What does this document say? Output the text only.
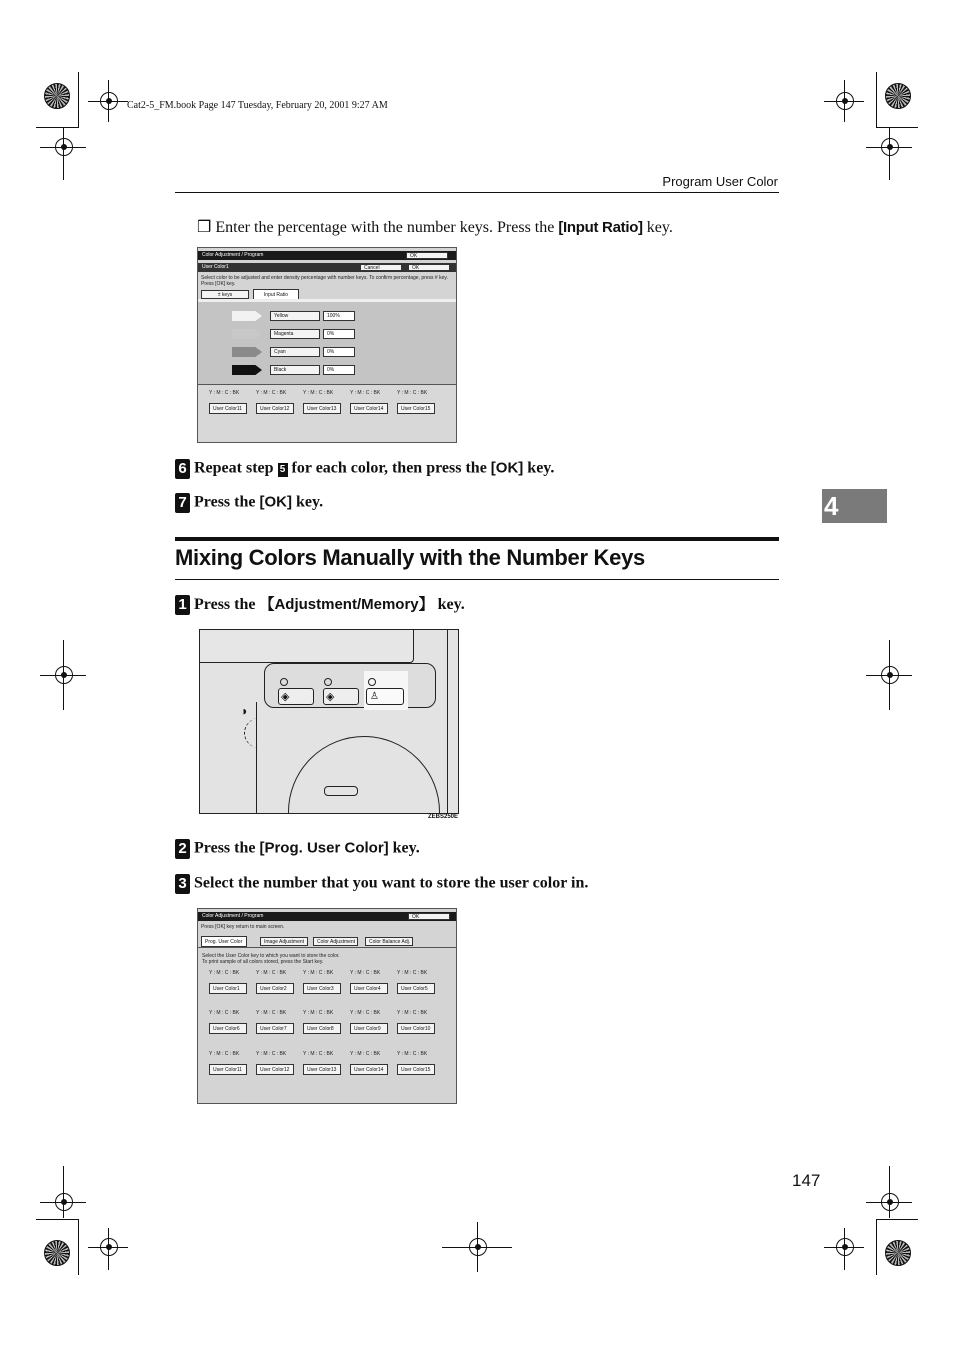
Cat2-5_FM.book Page 147 Tuesday, February 20, 2001 9:27 AM
Program User Color
4
❒ Enter the percentage with the number keys. Press the [Input Ratio] key.
Color Adjustment / Program	OK
User Color1	Cancel	OK
Select color to be adjusted and enter density percentage with number keys. To confirm percentage, press # key.
Press [OK] key.
± keys	Input Ratio
Yellow	100%
Magenta	0%
Cyan	0%
Black	0%
Y : M : C : BK
User Color11
Y : M : C : BK
User Color12
Y : M : C : BK
User Color13
Y : M : C : BK
User Color14
Y : M : C : BK
User Color15
6 Repeat step 5 for each color, then press the [OK] key.
7 Press the [OK] key.
Mixing Colors Manually with the Number Keys
1 Press the 【Adjustment/Memory】 key.
◈	◈	♙
◑
ZEBS250E
2 Press the [Prog. User Color] key.
3 Select the number that you want to store the user color in.
Color Adjustment / Program	OK
Press [OK] key return to main screen.
Prog. User Color	Image Adjustment	Color Adjustment	Color Balance Adj.
Select the User Color key to which you want to store the color.
To print sample of all colors stored, press the Start key.
Y : M : C : BK
User Color1
Y : M : C : BK
User Color2
Y : M : C : BK
User Color3
Y : M : C : BK
User Color4
Y : M : C : BK
User Color5
Y : M : C : BK
User Color6
Y : M : C : BK
User Color7
Y : M : C : BK
User Color8
Y : M : C : BK
User Color9
Y : M : C : BK
User Color10
Y : M : C : BK
User Color11
Y : M : C : BK
User Color12
Y : M : C : BK
User Color13
Y : M : C : BK
User Color14
Y : M : C : BK
User Color15
147
